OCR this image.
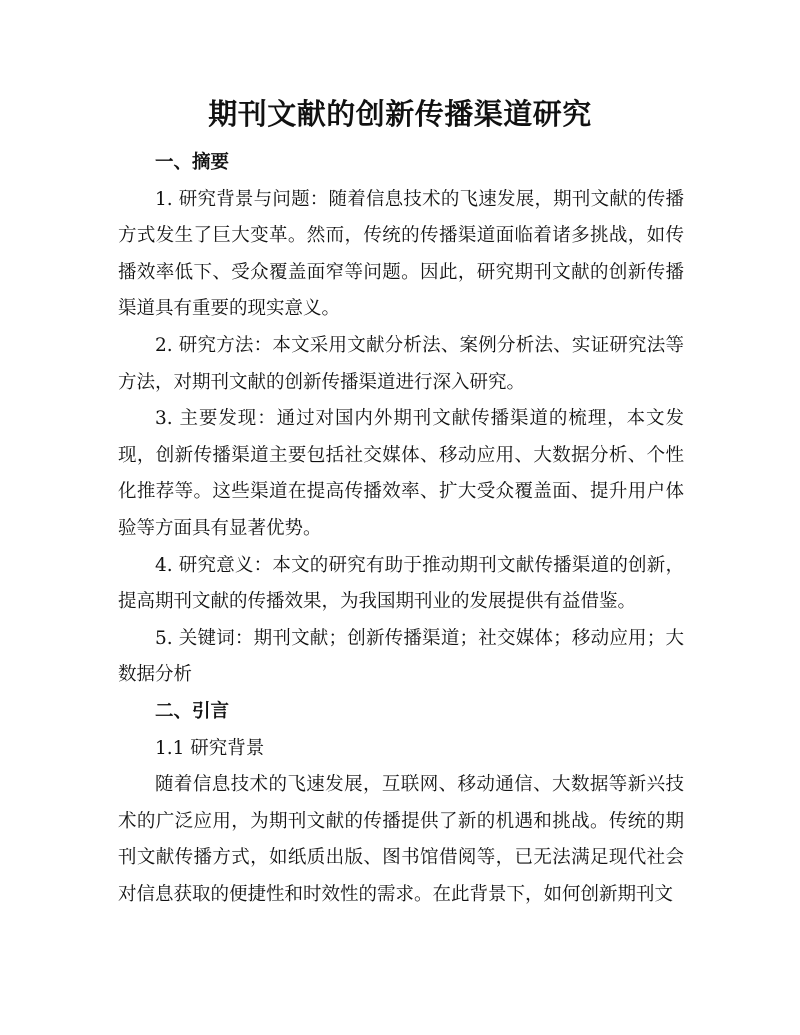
期刊文献的创新传播渠道研究

一、摘要

1. 研究背景与问题：随着信息技术的飞速发展，期刊文献的传播方式发生了巨大变革。然而，传统的传播渠道面临着诸多挑战，如传播效率低下、受众覆盖面窄等问题。因此，研究期刊文献的创新传播渠道具有重要的现实意义。

2. 研究方法：本文采用文献分析法、案例分析法、实证研究法等方法，对期刊文献的创新传播渠道进行深入研究。

3. 主要发现：通过对国内外期刊文献传播渠道的梳理，本文发现，创新传播渠道主要包括社交媒体、移动应用、大数据分析、个性化推荐等。这些渠道在提高传播效率、扩大受众覆盖面、提升用户体验等方面具有显著优势。

4. 研究意义：本文的研究有助于推动期刊文献传播渠道的创新，提高期刊文献的传播效果，为我国期刊业的发展提供有益借鉴。

5. 关键词：期刊文献；创新传播渠道；社交媒体；移动应用；大数据分析

二、引言

1.1 研究背景

随着信息技术的飞速发展，互联网、移动通信、大数据等新兴技术的广泛应用，为期刊文献的传播提供了新的机遇和挑战。传统的期刊文献传播方式，如纸质出版、图书馆借阅等，已无法满足现代社会对信息获取的便捷性和时效性的需求。在此背景下，如何创新期刊文
